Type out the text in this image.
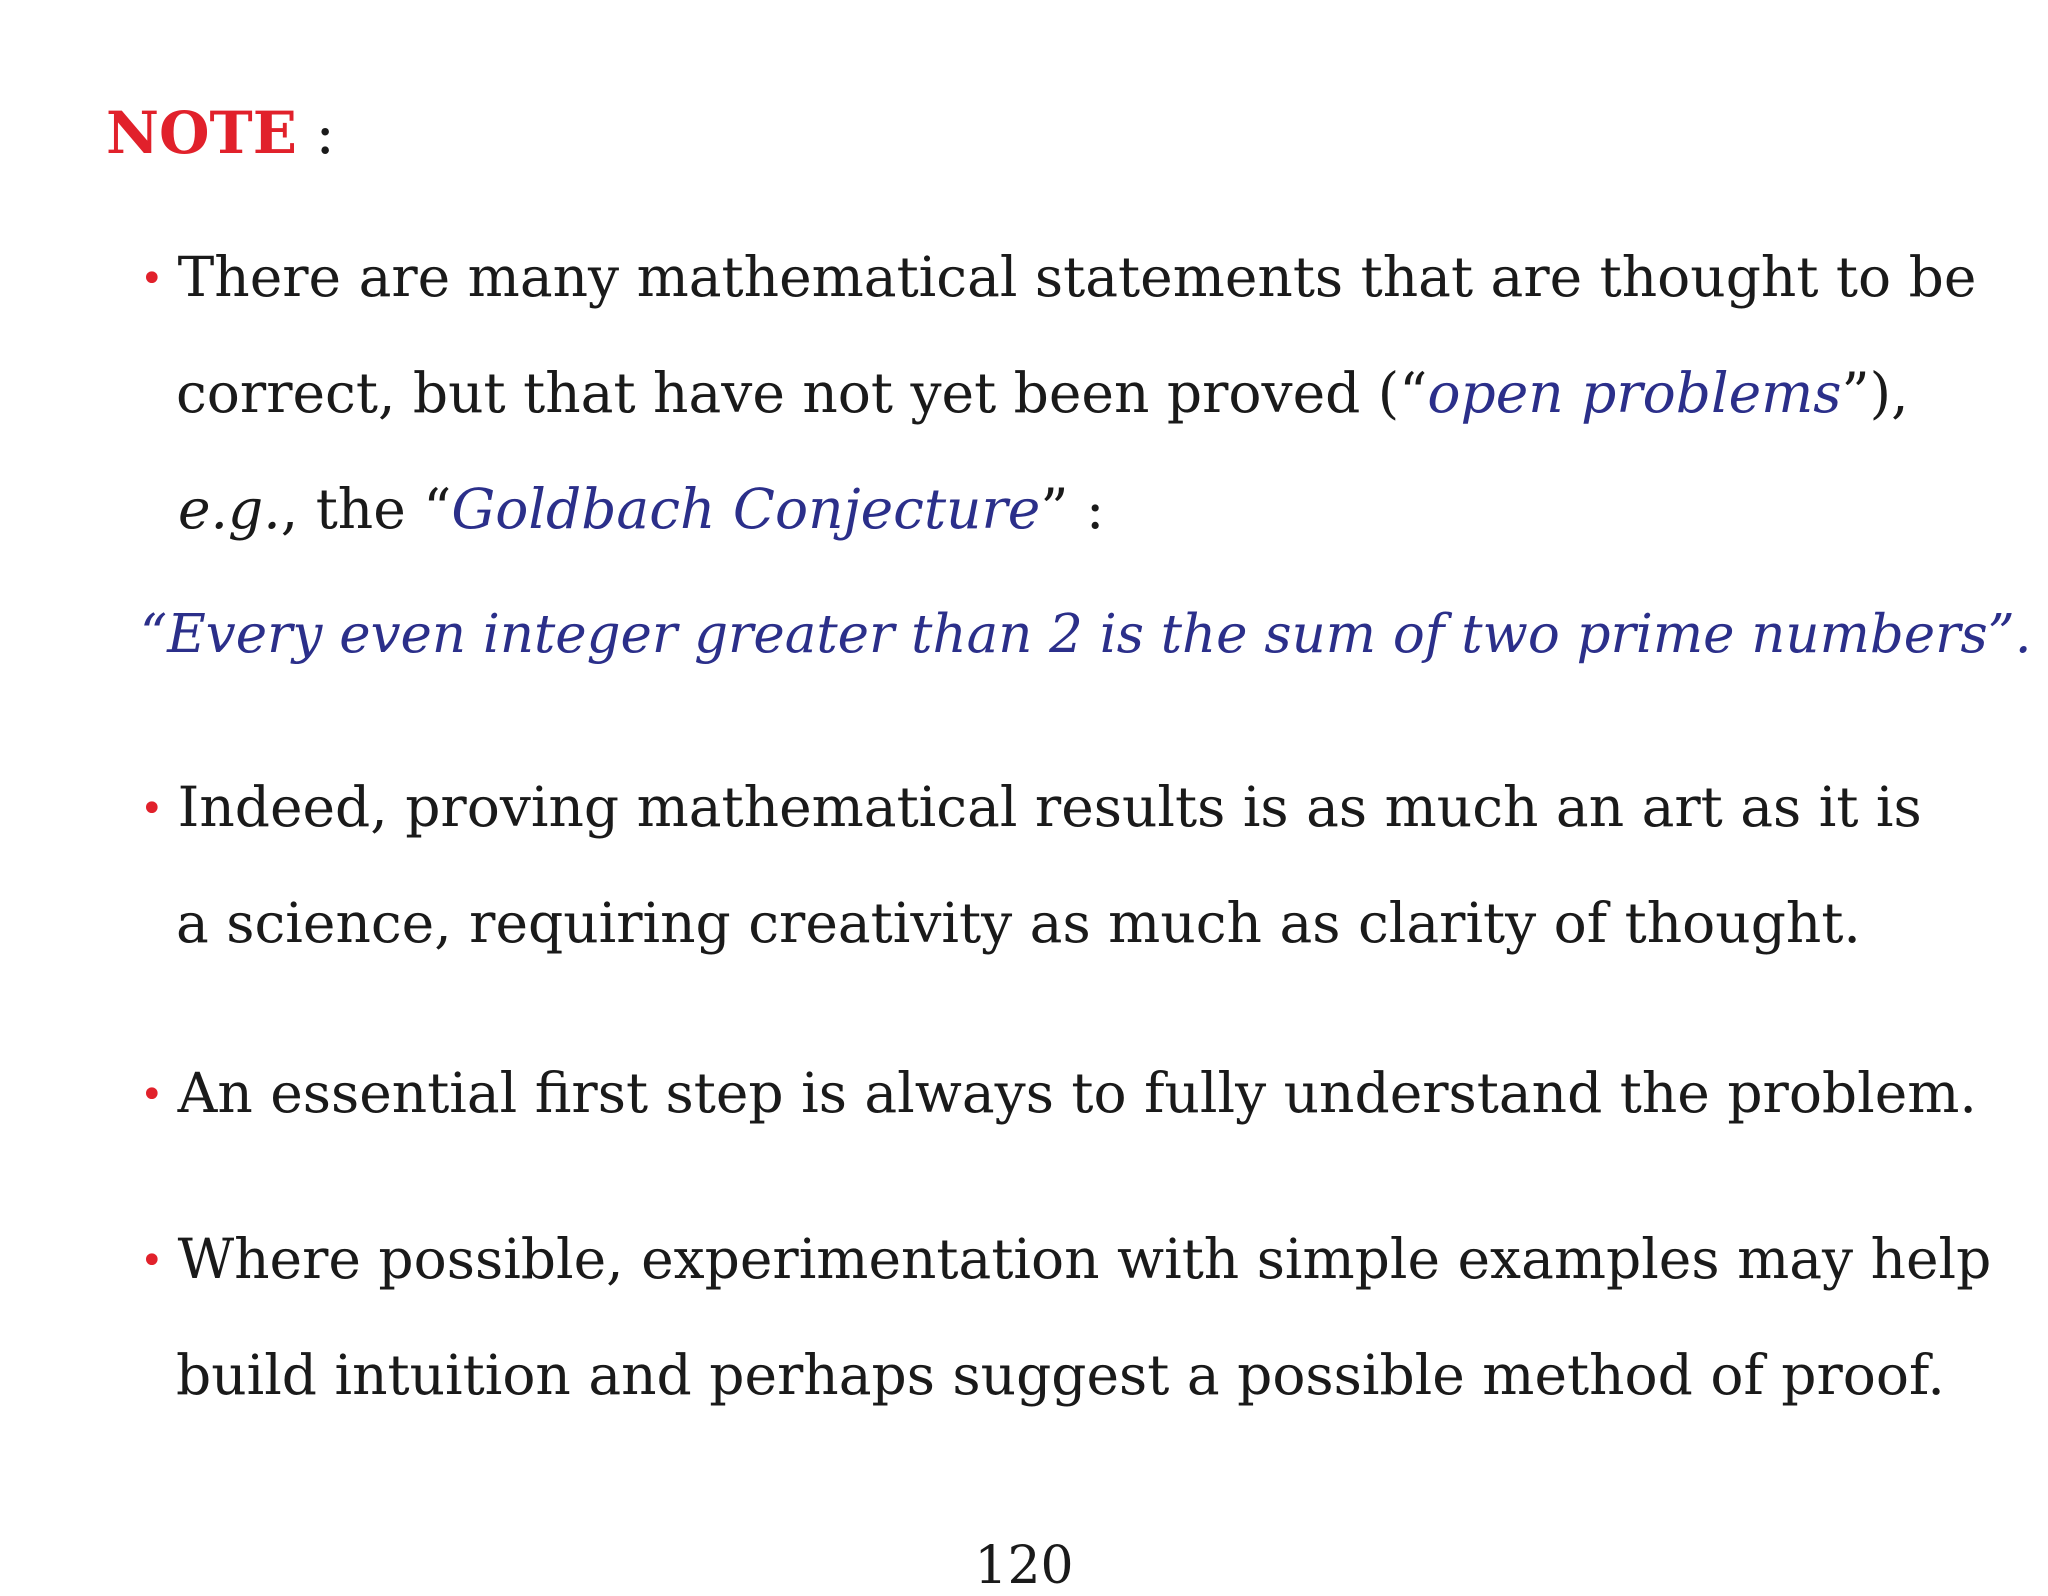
NOTE :
• There are many mathematical statements that are thought to be
correct, but that have not yet been proved (“open problems”),
e.g., the “Goldbach Conjecture” :
“Every even integer greater than 2 is the sum of two prime numbers”.
• Indeed, proving mathematical results is as much an art as it is
a science, requiring creativity as much as clarity of thought.
• An essential first step is always to fully understand the problem.
• Where possible, experimentation with simple examples may help
build intuition and perhaps suggest a possible method of proof.
120
